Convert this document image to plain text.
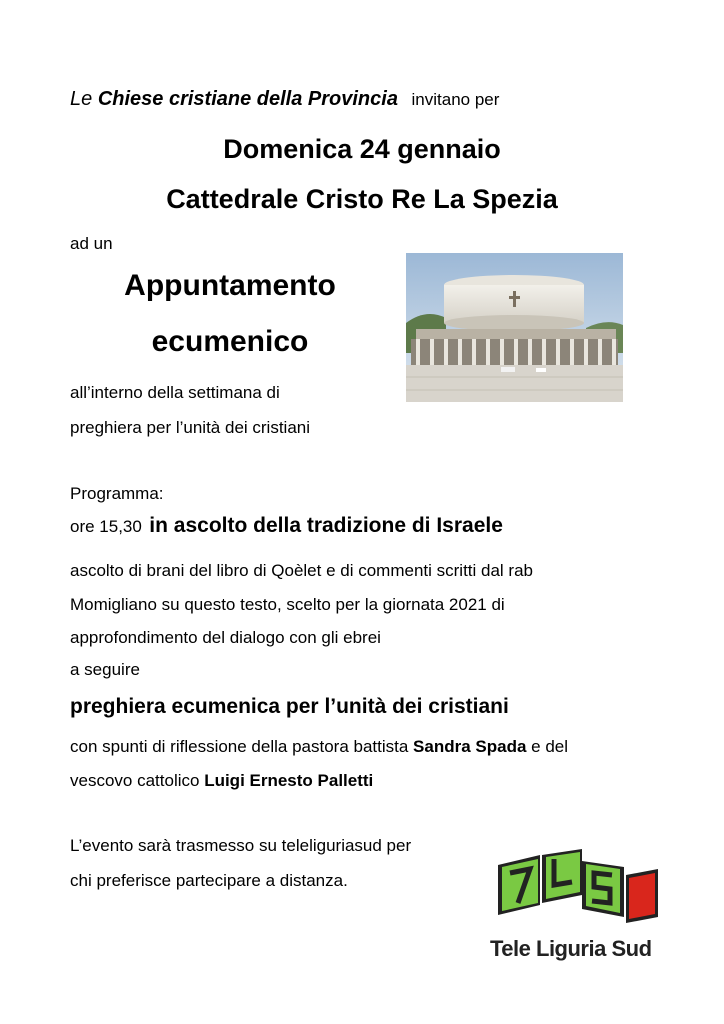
Le Chiese cristiane della Provincia invitano per
Domenica 24 gennaio
Cattedrale Cristo Re La Spezia
ad un
Appuntamento
ecumenico
all’interno della settimana di
preghiera per l’unità dei cristiani
Programma:
ore 15,30 in ascolto della tradizione di Israele
ascolto di brani del libro di Qoèlet e di commenti scritti dal rab
Momigliano su questo testo, scelto per la giornata 2021 di
approfondimento del dialogo con gli ebrei
a seguire
preghiera ecumenica per l’unità dei cristiani
con spunti di riflessione della pastora battista Sandra Spada e del
vescovo cattolico Luigi Ernesto Palletti
L’evento sarà trasmesso su teleliguriasud per
chi preferisce partecipare a distanza.
Tele Liguria Sud
